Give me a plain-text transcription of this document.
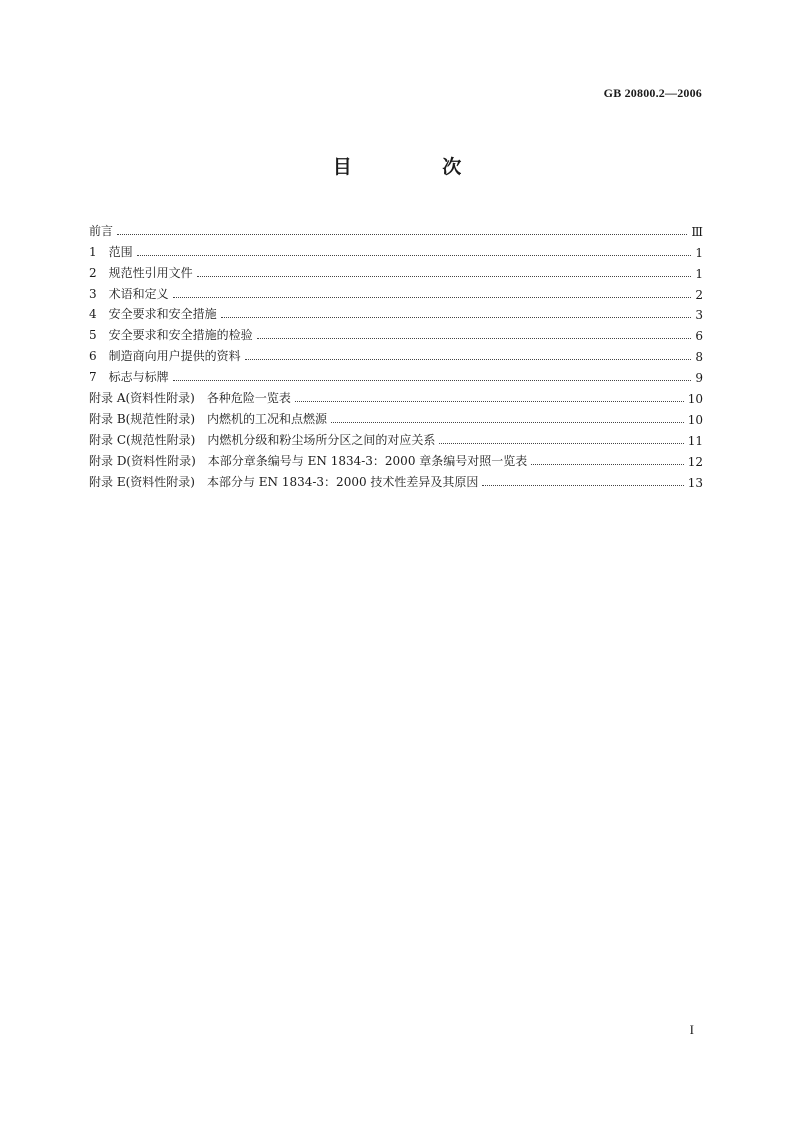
GB 20800.2—2006
目 次
前言	Ⅲ
1　范围	1
2　规范性引用文件	1
3　术语和定义	2
4　安全要求和安全措施	3
5　安全要求和安全措施的检验	6
6　制造商向用户提供的资料	8
7　标志与标牌	9
附录 A(资料性附录)　各种危险一览表	10
附录 B(规范性附录)　内燃机的工况和点燃源	10
附录 C(规范性附录)　内燃机分级和粉尘场所分区之间的对应关系	11
附录 D(资料性附录)　本部分章条编号与 EN 1834-3：2000 章条编号对照一览表	12
附录 E(资料性附录)　本部分与 EN 1834-3：2000 技术性差异及其原因	13
I
